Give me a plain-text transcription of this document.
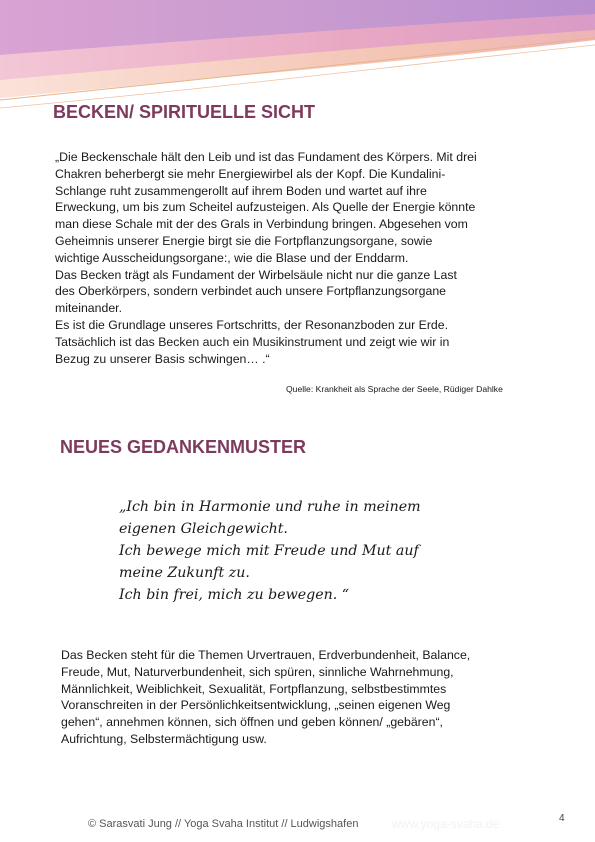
BECKEN/ SPIRITUELLE SICHT

„Die Beckenschale hält den Leib und ist das Fundament des Körpers. Mit drei

Chakren beherbergt sie mehr Energiewirbel als der Kopf. Die Kundalini-

Schlange ruht zusammengerollt auf ihrem Boden und wartet auf ihre

Erweckung, um bis zum Scheitel aufzusteigen. Als Quelle der Energie könnte

man diese Schale mit der des Grals in Verbindung bringen. Abgesehen vom

Geheimnis unserer Energie birgt sie die Fortpflanzungsorgane, sowie

wichtige Ausscheidungsorgane:, wie die Blase und der Enddarm.

Das Becken trägt als Fundament der Wirbelsäule nicht nur die ganze Last

des Oberkörpers, sondern verbindet auch unsere Fortpflanzungsorgane

miteinander.

Es ist die Grundlage unseres Fortschritts, der Resonanzboden zur Erde.

Tatsächlich ist das Becken auch ein Musikinstrument und zeigt wie wir in

Bezug zu unserer Basis schwingen… .“

Quelle: Krankheit als Sprache der Seele, Rüdiger Dahlke
NEUES GEDANKENMUSTER

„Ich bin in Harmonie und ruhe in meinem

eigenen Gleichgewicht.

Ich bewege mich mit Freude und Mut auf

meine Zukunft zu.

Ich bin frei, mich zu bewegen. “

Das Becken steht für die Themen Urvertrauen, Erdverbundenheit, Balance,
Freude, Mut, Naturverbundenheit, sich spüren, sinnliche Wahrnehmung,
Männlichkeit, Weiblichkeit, Sexualität, Fortpflanzung, selbstbestimmtes
Voranschreiten in der Persönlichkeitsentwicklung, „seinen eigenen Weg
gehen“, annehmen können, sich öffnen und geben können/ „gebären“,
Aufrichtung, Selbstermächtigung usw.
© Sarasvati Jung // Yoga Svaha Institut // Ludwigshafen	www.yoga-svaha.de	4
